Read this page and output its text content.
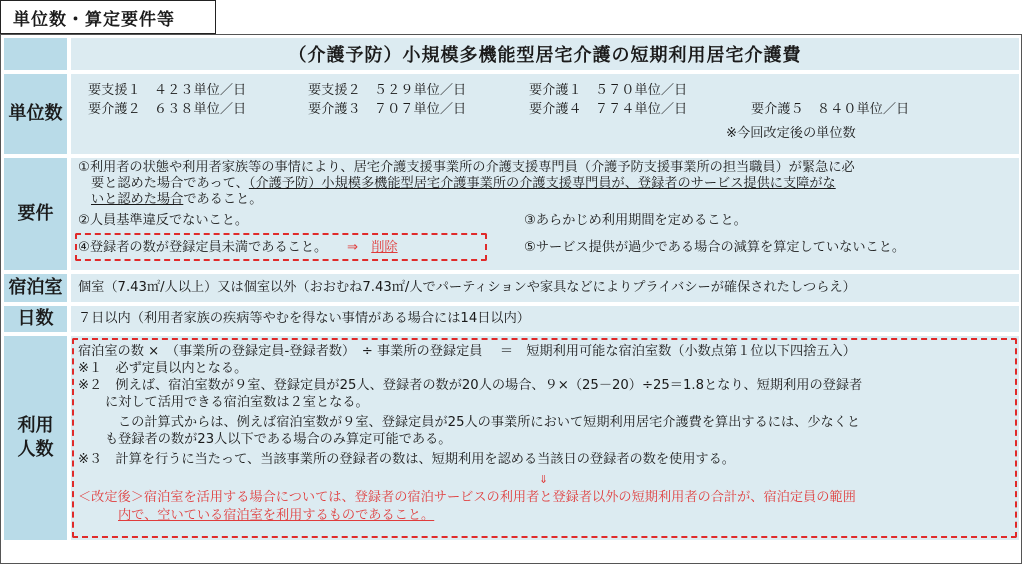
単位数・算定要件等
（介護予防）小規模多機能型居宅介護の短期利用居宅介護費
単位数
要支援１　４２３単位／日	要支援２　５２９単位／日	要介護１　５７０単位／日
要介護２　６３８単位／日	要介護３　７０７単位／日	要介護４　７７４単位／日	要介護５　８４０単位／日
※今回改定後の単位数
要件
①利用者の状態や利用者家族等の事情により、居宅介護支援事業所の介護支援専門員（介護予防支援事業所の担当職員）が緊急に必
要と認めた場合であって、（介護予防）小規模多機能型居宅介護事業所の介護支援専門員が、登録者のサービス提供に支障がな
いと認めた場合であること。
②人員基準違反でないこと。	③あらかじめ利用期間を定めること。
④登録者の数が登録定員未満であること。　　 ⇒　 削除	⑤サービス提供が過少である場合の減算を算定していないこと。
宿泊室	個室（7.43㎡/人以上）又は個室以外（おおむね7.43㎡/人でパーティションや家具などによりプライバシーが確保されたしつらえ）
日数	７日以内（利用者家族の疾病等やむを得ない事情がある場合には14日以内）
利用
人数
宿泊室の数 ×　（事業所の登録定員-登録者数）　÷ 事業所の登録定員　 ＝　短期利用可能な宿泊室数（小数点第１位以下四捨五入）
※１　必ず定員以内となる。
※２　例えば、宿泊室数が９室、登録定員が25人、登録者の数が20人の場合、９×（25－20）÷25＝1.8となり、短期利用の登録者
に対して活用できる宿泊室数は２室となる。
この計算式からは、例えば宿泊室数が９室、登録定員が25人の事業所において短期利用居宅介護費を算出するには、少なくと
も登録者の数が23人以下である場合のみ算定可能である。
※３　計算を行うに当たって、当該事業所の登録者の数は、短期利用を認める当該日の登録者の数を使用する。
⇓
＜改定後＞宿泊室を活用する場合については、登録者の宿泊サービスの利用者と登録者以外の短期利用者の合計が、宿泊定員の範囲
内で、空いている宿泊室を利用するものであること。
